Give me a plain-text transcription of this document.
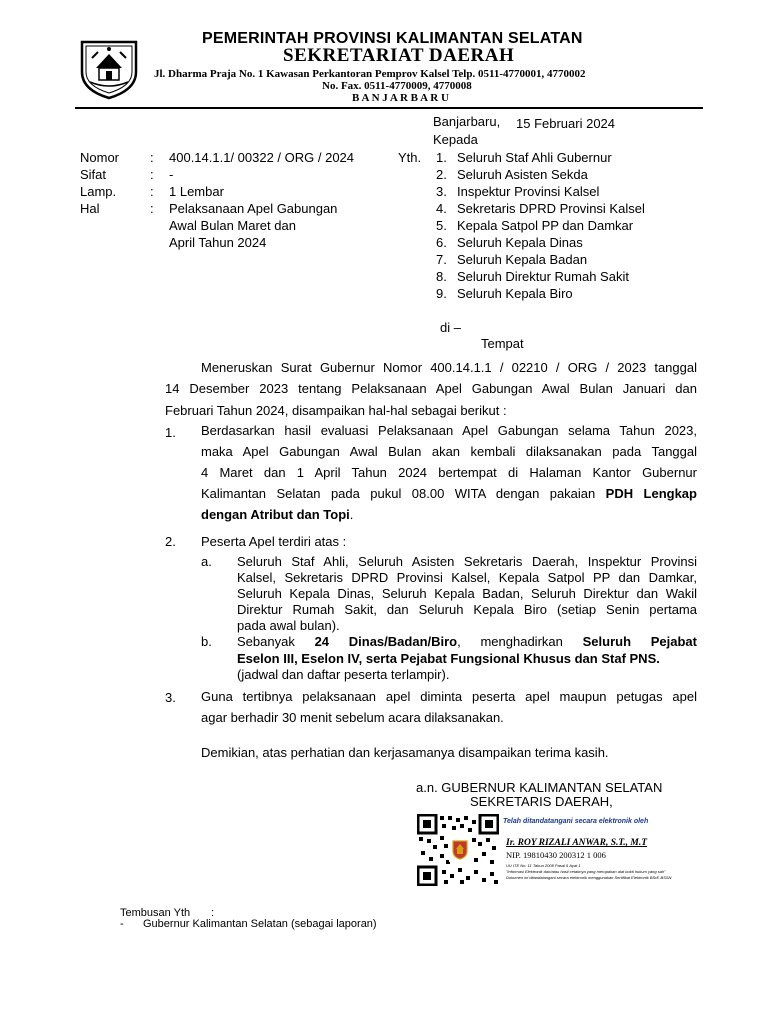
PEMERINTAH PROVINSI KALIMANTAN SELATAN
SEKRETARIAT DAERAH
Jl. Dharma Praja No. 1 Kawasan Perkantoran Pemprov Kalsel Telp. 0511-4770001, 4770002
No. Fax. 0511-4770009, 4770008
B A N J A R B A R U
Banjarbaru, 15 Februari 2024
Kepada
Nomor : 400.14.1.1/ 00322 / ORG / 2024
Sifat	: -
Lamp.	: 1 Lembar
Hal	: Pelaksanaan Apel Gabungan
Awal Bulan Maret dan
April Tahun 2024
Yth. 1. Seluruh Staf Ahli Gubernur
2. Seluruh Asisten Sekda
3. Inspektur Provinsi Kalsel
4. Sekretaris DPRD Provinsi Kalsel
5. Kepala Satpol PP dan Damkar
6. Seluruh Kepala Dinas
7. Seluruh Kepala Badan
8. Seluruh Direktur Rumah Sakit
9. Seluruh Kepala Biro
di –
Tempat
Meneruskan Surat Gubernur Nomor 400.14.1.1 / 02210 / ORG / 2023 tanggal
14 Desember 2023 tentang Pelaksanaan Apel Gabungan Awal Bulan Januari dan
Februari Tahun 2024, disampaikan hal-hal sebagai berikut :
1. Berdasarkan hasil evaluasi Pelaksanaan Apel Gabungan selama Tahun 2023,
maka Apel Gabungan Awal Bulan akan kembali dilaksanakan pada Tanggal
4 Maret dan 1 April Tahun 2024 bertempat di Halaman Kantor Gubernur
Kalimantan Selatan pada pukul 08.00 WITA dengan pakaian PDH Lengkap
dengan Atribut dan Topi.
2. Peserta Apel terdiri atas :
a. Seluruh Staf Ahli, Seluruh Asisten Sekretaris Daerah, Inspektur Provinsi
Kalsel, Sekretaris DPRD Provinsi Kalsel, Kepala Satpol PP dan Damkar,
Seluruh Kepala Dinas, Seluruh Kepala Badan, Seluruh Direktur dan Wakil
Direktur Rumah Sakit, dan Seluruh Kepala Biro (setiap Senin pertama
pada awal bulan).
b. Sebanyak 24 Dinas/Badan/Biro, menghadirkan Seluruh Pejabat
Eselon III, Eselon IV, serta Pejabat Fungsional Khusus dan Staf PNS.
(jadwal dan daftar peserta terlampir).
3. Guna tertibnya pelaksanaan apel diminta peserta apel maupun petugas apel
agar berhadir 30 menit sebelum acara dilaksanakan.
Demikian, atas perhatian dan kerjasamanya disampaikan terima kasih.
a.n. GUBERNUR KALIMANTAN SELATAN
SEKRETARIS DAERAH,
Telah ditandatangani secara elektronik oleh
Ir. ROY RIZALI ANWAR, S.T., M.T
NIP. 19810430 200312 1 006
UU ITE No. 11 Tahun 2008 Pasal 5 Ayat 1
"Informasi Elektronik dan/atau hasil cetaknya yang merupakan alat bukti hukum yang sah"
Dokumen ini ditandatangani secara elektronik menggunakan Sertifikat Elektronik BSrE-BSSN
Tembusan Yth :
- Gubernur Kalimantan Selatan (sebagai laporan)
